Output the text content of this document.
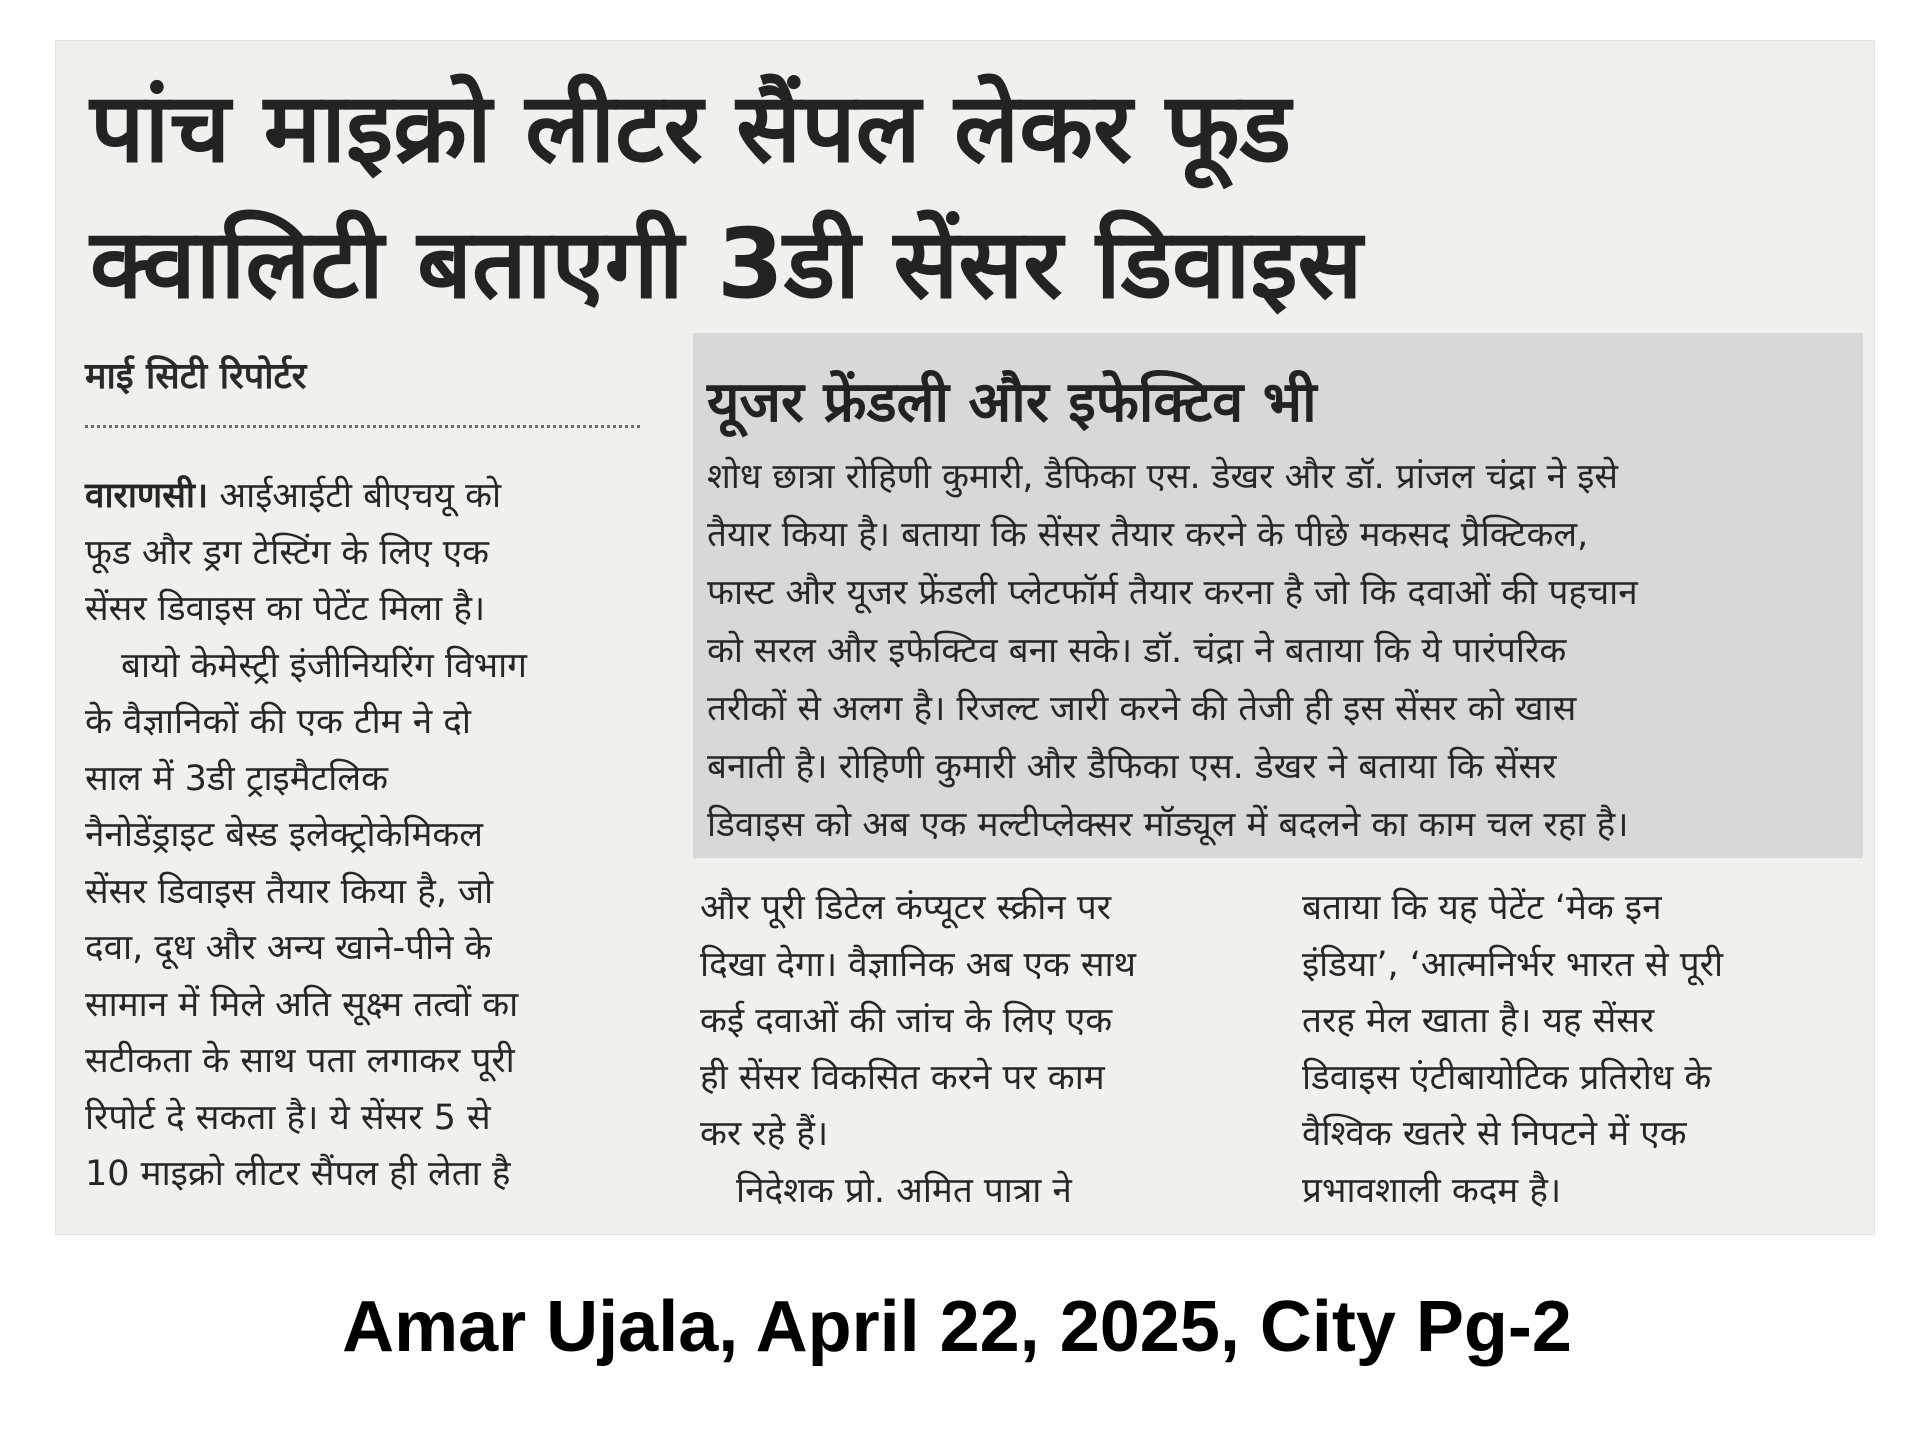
पांच माइक्रो लीटर सैंपल लेकर फूड
क्वालिटी बताएगी 3डी सेंसर डिवाइस
माई सिटी रिपोर्टर
वाराणसी। आईआईटी बीएचयू को
फूड और ड्रग टेस्टिंग के लिए एक
सेंसर डिवाइस का पेटेंट मिला है।
बायो केमेस्ट्री इंजीनियरिंग विभाग
के वैज्ञानिकों की एक टीम ने दो
साल में 3डी ट्राइमैटलिक
नैनोडेंड्राइट बेस्ड इलेक्ट्रोकेमिकल
सेंसर डिवाइस तैयार किया है, जो
दवा, दूध और अन्य खाने-पीने के
सामान में मिले अति सूक्ष्म तत्वों का
सटीकता के साथ पता लगाकर पूरी
रिपोर्ट दे सकता है। ये सेंसर 5 से
10 माइक्रो लीटर सैंपल ही लेता है
यूजर फ्रेंडली और इफेक्टिव भी
शोध छात्रा रोहिणी कुमारी, डैफिका एस. डेखर और डॉ. प्रांजल चंद्रा ने इसे
तैयार किया है। बताया कि सेंसर तैयार करने के पीछे मकसद प्रैक्टिकल,
फास्ट और यूजर फ्रेंडली प्लेटफॉर्म तैयार करना है जो कि दवाओं की पहचान
को सरल और इफेक्टिव बना सके। डॉ. चंद्रा ने बताया कि ये पारंपरिक
तरीकों से अलग है। रिजल्ट जारी करने की तेजी ही इस सेंसर को खास
बनाती है। रोहिणी कुमारी और डैफिका एस. डेखर ने बताया कि सेंसर
डिवाइस को अब एक मल्टीप्लेक्सर मॉड्यूल में बदलने का काम चल रहा है।
और पूरी डिटेल कंप्यूटर स्क्रीन पर
दिखा देगा। वैज्ञानिक अब एक साथ
कई दवाओं की जांच के लिए एक
ही सेंसर विकसित करने पर काम
कर रहे हैं।
निदेशक प्रो. अमित पात्रा ने
बताया कि यह पेटेंट ‘मेक इन
इंडिया’, ‘आत्मनिर्भर भारत से पूरी
तरह मेल खाता है। यह सेंसर
डिवाइस एंटीबायोटिक प्रतिरोध के
वैश्विक खतरे से निपटने में एक
प्रभावशाली कदम है।
Amar Ujala, April 22, 2025, City Pg-2
